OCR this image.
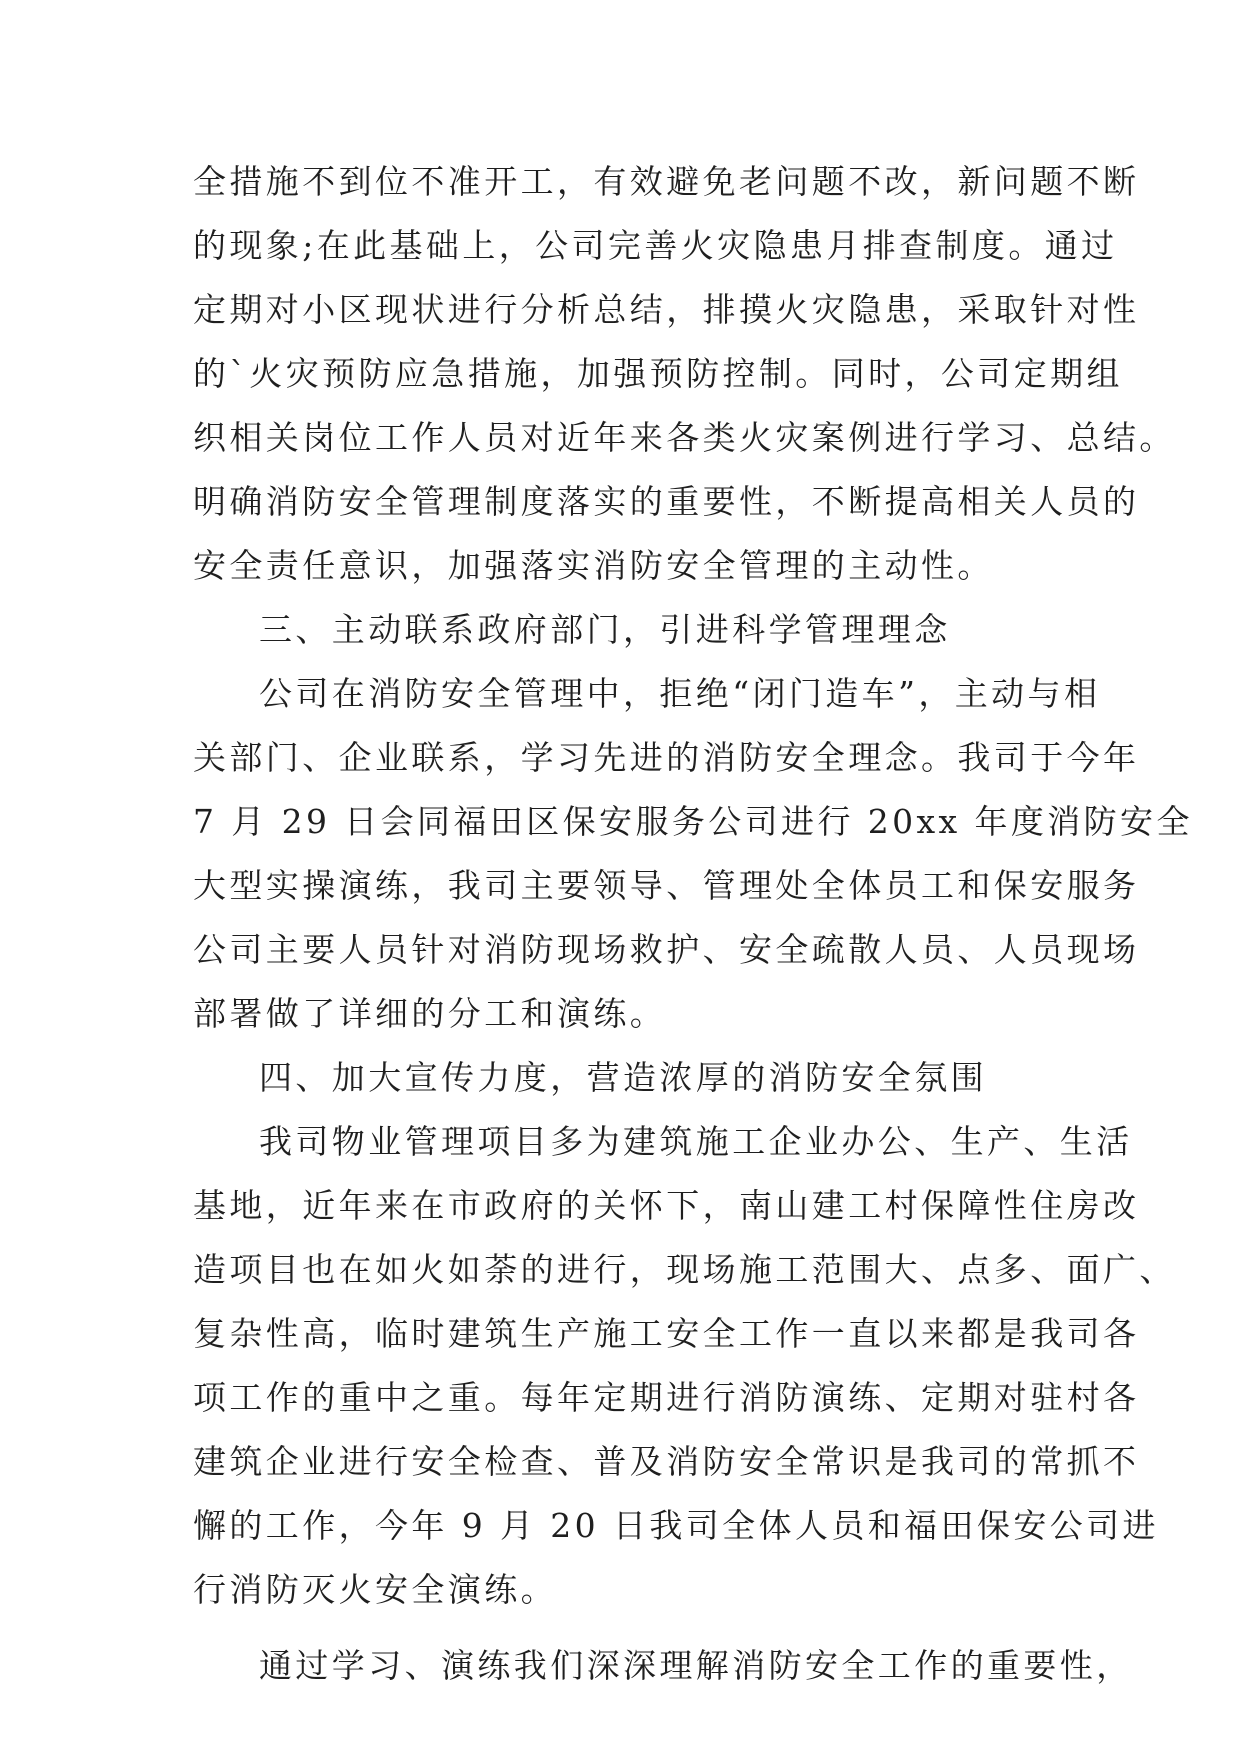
全措施不到位不准开工，有效避免老问题不改，新问题不断
的现象;在此基础上，公司完善火灾隐患月排查制度。通过
定期对小区现状进行分析总结，排摸火灾隐患，采取针对性
的`火灾预防应急措施，加强预防控制。同时，公司定期组
织相关岗位工作人员对近年来各类火灾案例进行学习、总结。
明确消防安全管理制度落实的重要性，不断提高相关人员的
安全责任意识，加强落实消防安全管理的主动性。
三、主动联系政府部门，引进科学管理理念
公司在消防安全管理中，拒绝“闭门造车”，主动与相
关部门、企业联系，学习先进的消防安全理念。我司于今年
7 月 29 日会同福田区保安服务公司进行 20xx 年度消防安全
大型实操演练，我司主要领导、管理处全体员工和保安服务
公司主要人员针对消防现场救护、安全疏散人员、人员现场
部署做了详细的分工和演练。
四、加大宣传力度，营造浓厚的消防安全氛围
我司物业管理项目多为建筑施工企业办公、生产、生活
基地，近年来在市政府的关怀下，南山建工村保障性住房改
造项目也在如火如荼的进行，现场施工范围大、点多、面广、
复杂性高，临时建筑生产施工安全工作一直以来都是我司各
项工作的重中之重。每年定期进行消防演练、定期对驻村各
建筑企业进行安全检查、普及消防安全常识是我司的常抓不
懈的工作，今年 9 月 20 日我司全体人员和福田保安公司进
行消防灭火安全演练。
通过学习、演练我们深深理解消防安全工作的重要性，
